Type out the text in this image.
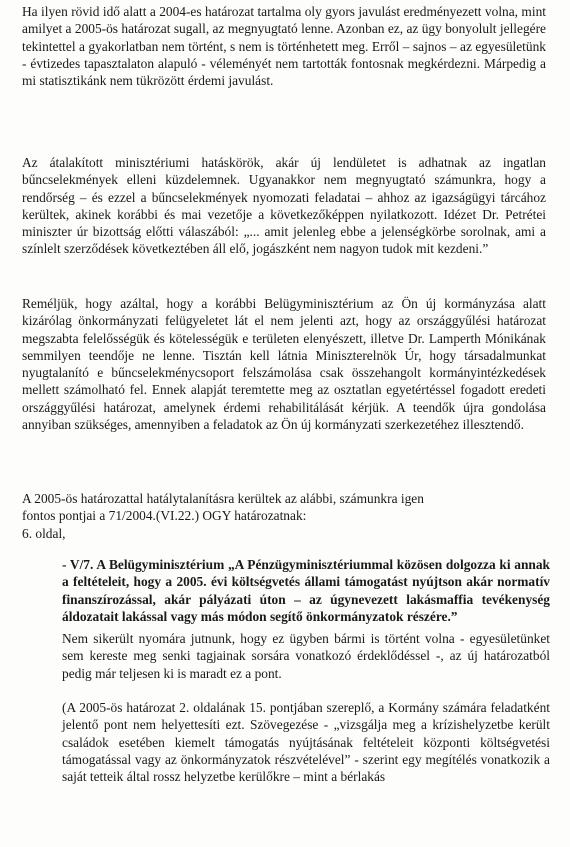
Ha ilyen rövid idő alatt a 2004-es határozat tartalma oly gyors javulást eredményezett volna, mint amilyet a 2005-ös határozat sugall, az megnyugtató lenne. Azonban ez, az ügy bonyolult jellegére tekintettel a gyakorlatban nem történt, s nem is történhetett meg. Erről – sajnos – az egyesületünk - évtizedes tapasztalaton alapuló - véleményét nem tartották fontosnak megkérdezni. Márpedig a mi statisztikánk nem tükrözött érdemi javulást.

Az átalakított minisztériumi hatáskörök, akár új lendületet is adhatnak az ingatlan bűncselekmények elleni küzdelemnek. Ugyanakkor nem megnyugtató számunkra, hogy a rendőrség – és ezzel a bűncselekmények nyomozati feladatai – ahhoz az igazságügyi tárcához kerültek, akinek korábbi és mai vezetője a következőképpen nyilatkozott. Idézet Dr. Petrétei miniszter úr bizottság előtti válaszából: „... amit jelenleg ebbe a jelenségkörbe sorolnak, ami a színlelt szerződések következtében áll elő, jogászként nem nagyon tudok mit kezdeni.”

Reméljük, hogy azáltal, hogy a korábbi Belügyminisztérium az Ön új kormányzása alatt kizárólag önkormányzati felügyeletet lát el nem jelenti azt, hogy az országgyűlési határozat megszabta felelősségük és kötelességük e területen elenyészett, illetve Dr. Lamperth Mónikának semmilyen teendője ne lenne. Tisztán kell látnia Miniszterelnök Úr, hogy társadalmunkat nyugtalanító e bűncselekménycsoport felszámolása csak összehangolt kormányintézkedések mellett számolható fel. Ennek alapját teremtette meg az osztatlan egyetértéssel fogadott eredeti országgyűlési határozat, amelynek érdemi rehabilitálását kérjük. A teendők újra gondolása annyiban szükséges, amennyiben a feladatok az Ön új kormányzati szerkezetéhez illesztendő.

A 2005-ös határozattal hatálytalanításra kerültek az alábbi, számunkra igen
fontos pontjai a 71/2004.(VI.22.) OGY határozatnak:
6. oldal,
- V/7. A Belügyminisztérium „A Pénzügyminisztériummal közösen dolgozza ki annak a feltételeit, hogy a 2005. évi költségvetés állami támogatást nyújtson akár normatív finanszírozással, akár pályázati úton – az úgynevezett lakásmaffia tevékenység áldozatait lakással vagy más módon segítő önkormányzatok részére.”
Nem sikerült nyomára jutnunk, hogy ez ügyben bármi is történt volna - egyesületünket sem kereste meg senki tagjainak sorsára vonatkozó érdeklődéssel -, az új határozatból pedig már teljesen ki is maradt ez a pont.
(A 2005-ös határozat 2. oldalának 15. pontjában szereplő, a Kormány számára feladatként jelentő pont nem helyettesíti ezt. Szövegezése - „vizsgálja meg a krízishelyzetbe került családok esetében kiemelt támogatás nyújtásának feltételeit központi költségvetési támogatással vagy az önkormányzatok részvételével” - szerint egy megítélés vonatkozik a saját tetteik által rossz helyzetbe kerülőkre – mint a bérlakás
